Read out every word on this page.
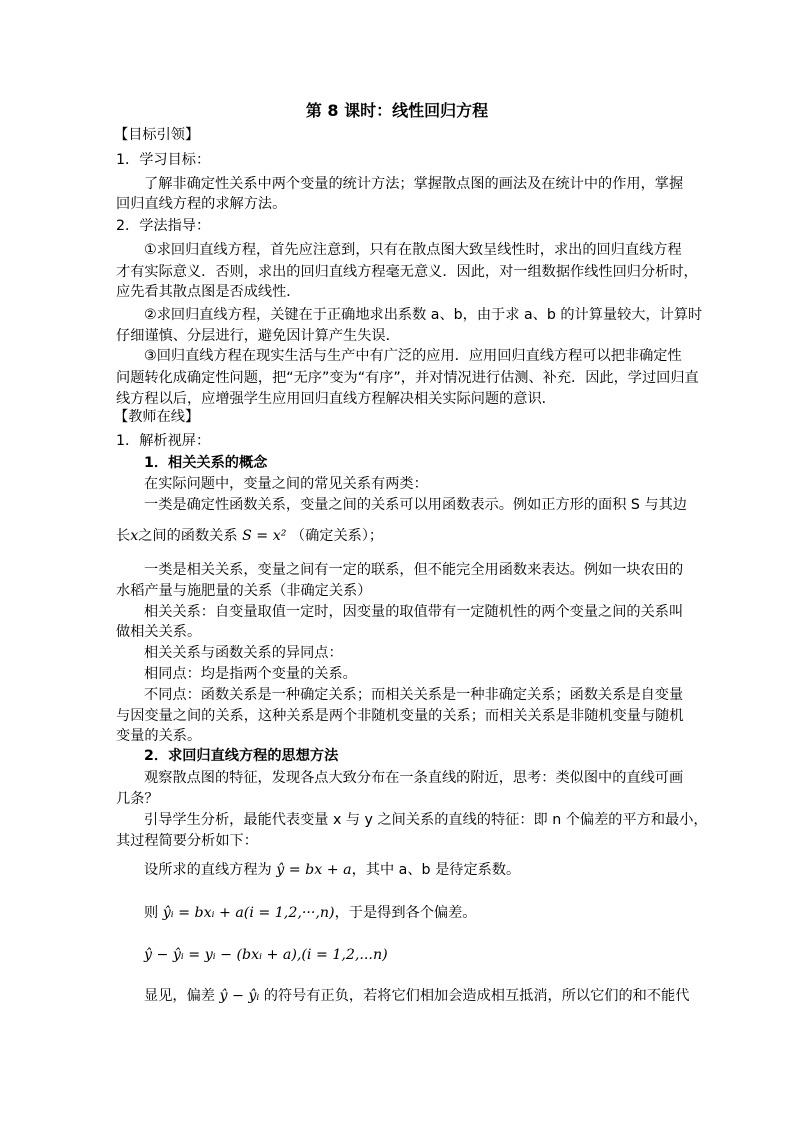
第 8 课时：线性回归方程
【目标引领】
1．学习目标：
了解非确定性关系中两个变量的统计方法；掌握散点图的画法及在统计中的作用，掌握
回归直线方程的求解方法。
2．学法指导：
①求回归直线方程，首先应注意到，只有在散点图大致呈线性时，求出的回归直线方程
才有实际意义．否则，求出的回归直线方程毫无意义．因此，对一组数据作线性回归分析时，
应先看其散点图是否成线性．
②求回归直线方程，关键在于正确地求出系数 a、b，由于求 a、b 的计算量较大，计算时
仔细谨慎、分层进行，避免因计算产生失误．
③回归直线方程在现实生活与生产中有广泛的应用．应用回归直线方程可以把非确定性
问题转化成确定性问题，把“无序”变为“有序”，并对情况进行估测、补充．因此，学过回归直
线方程以后，应增强学生应用回归直线方程解决相关实际问题的意识．
【教师在线】
1．解析视屏：
1．相关关系的概念
在实际问题中，变量之间的常见关系有两类：
一类是确定性函数关系，变量之间的关系可以用函数表示。例如正方形的面积 S 与其边
长x之间的函数关系 S = x² （确定关系）；
一类是相关关系，变量之间有一定的联系，但不能完全用函数来表达。例如一块农田的
水稻产量与施肥量的关系（非确定关系）
相关关系：自变量取值一定时，因变量的取值带有一定随机性的两个变量之间的关系叫
做相关关系。
相关关系与函数关系的异同点：
相同点：均是指两个变量的关系。
不同点：函数关系是一种确定关系；而相关关系是一种非确定关系；函数关系是自变量
与因变量之间的关系，这种关系是两个非随机变量的关系；而相关关系是非随机变量与随机
变量的关系。
2．求回归直线方程的思想方法
观察散点图的特征，发现各点大致分布在一条直线的附近，思考：类似图中的直线可画
几条？
引导学生分析，最能代表变量 x 与 y 之间关系的直线的特征：即 n 个偏差的平方和最小，
其过程简要分析如下：
设所求的直线方程为 ŷ = bx + a，其中 a、b 是待定系数。
则 ŷᵢ = bxᵢ + a(i = 1,2,···,n)，于是得到各个偏差。
ŷ − ŷᵢ = yᵢ − (bxᵢ + a),(i = 1,2,...n)
显见，偏差 ŷ − ŷᵢ 的符号有正负，若将它们相加会造成相互抵消，所以它们的和不能代
